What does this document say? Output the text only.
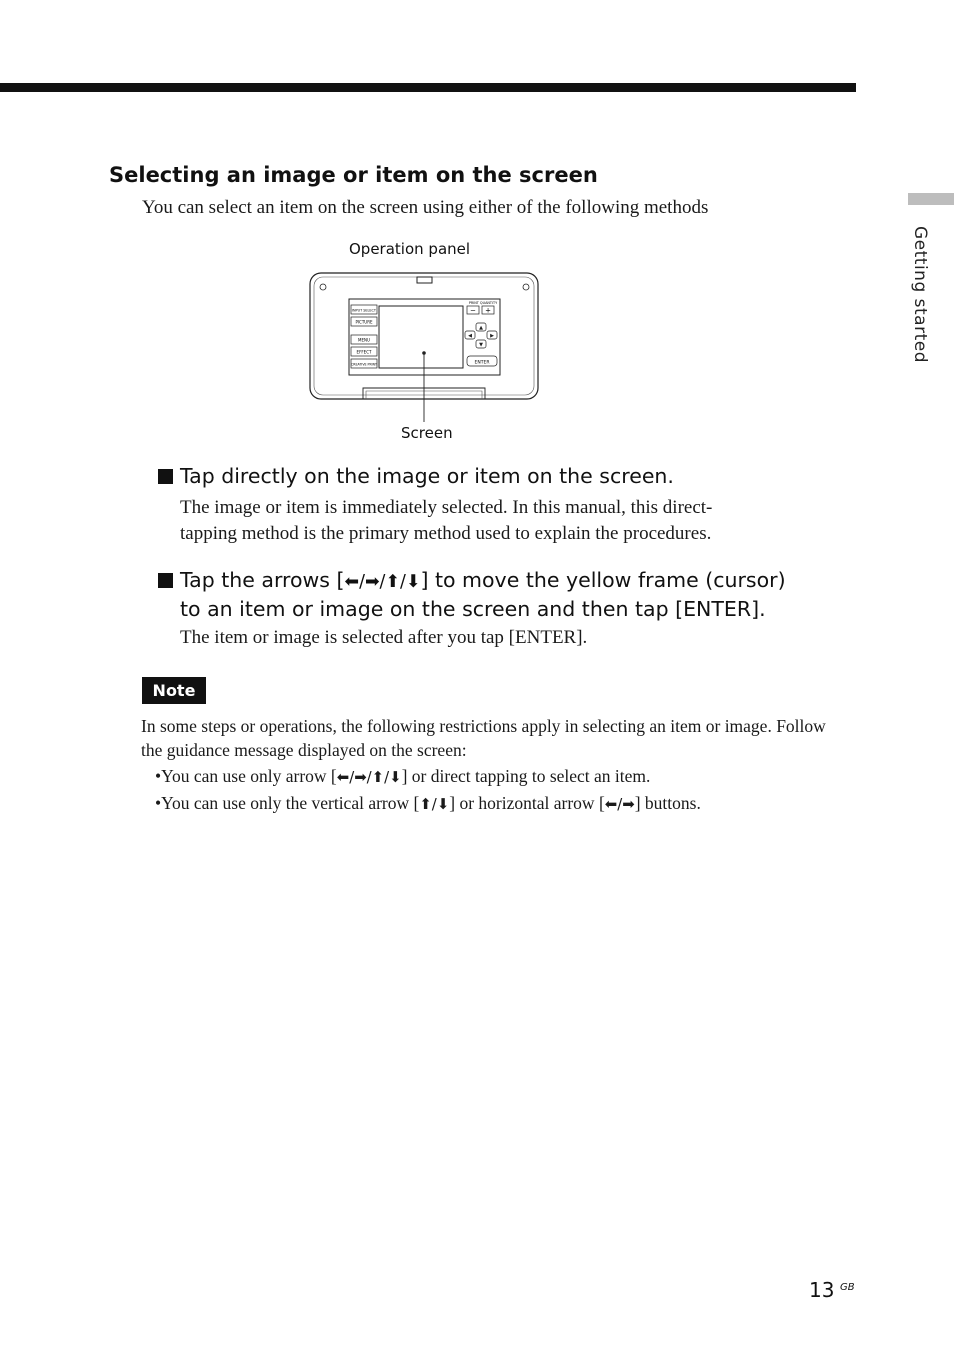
Getting started
Selecting an image or item on the screen

You can select an item on the screen using either of the following methods

Operation panel
INPUT SELECT
PICTURE
MENU
EFFECT
CREATIVE PRINT
PRINT QUANTITY
− +
▲
▼
◀	▶
ENTER
Screen
Tap directly on the image or item on the screen.

The image or item is immediately selected. In this manual, this direct-

tapping method is the primary method used to explain the procedures.

Tap the arrows [⬅/➡/⬆/⬇] to move the yellow frame (cursor)
to an item or image on the screen and then tap [ENTER].

The item or image is selected after you tap [ENTER].

Note

In some steps or operations, the following restrictions apply in selecting an item or image. Follow the guidance message displayed on the screen:

•You can use only arrow [⬅/➡/⬆/⬇] or direct tapping to select an item.

•You can use only the vertical arrow [⬆/⬇] or horizontal arrow [⬅/➡] buttons.

13 GB
